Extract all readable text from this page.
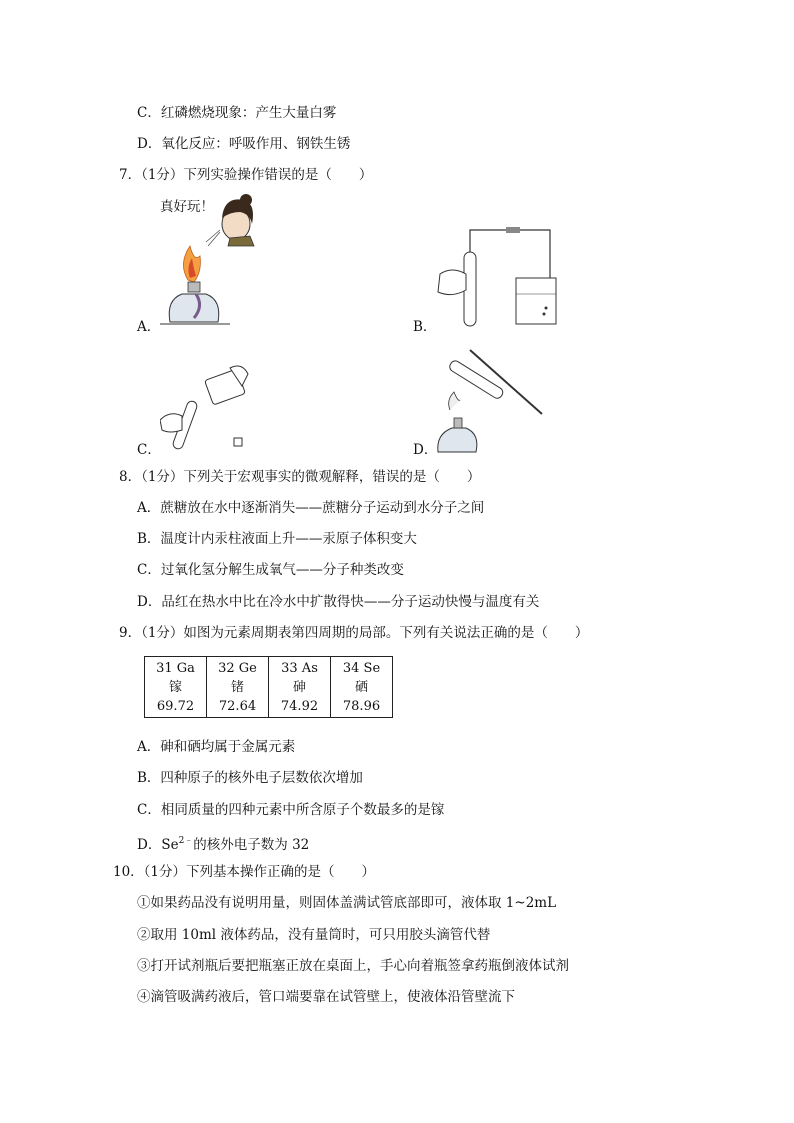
C．红磷燃烧现象：产生大量白雾
D．氧化反应：呼吸作用、钢铁生锈
7．（1分）下列实验操作错误的是（　　）
真好玩！
A．	B．
C．	D．
8．（1分）下列关于宏观事实的微观解释，错误的是（　　）
A．蔗糖放在水中逐渐消失——蔗糖分子运动到水分子之间
B．温度计内汞柱液面上升——汞原子体积变大
C．过氧化氢分解生成氧气——分子种类改变
D．品红在热水中比在冷水中扩散得快——分子运动快慢与温度有关
9．（1分）如图为元素周期表第四周期的局部。下列有关说法正确的是（　　）
31 Ga
镓
69.72

32 Ge
锗
72.64

33 As
砷
74.92

34 Se
硒
78.96
A．砷和硒均属于金属元素
B．四种原子的核外电子层数依次增加
C．相同质量的四种元素中所含原子个数最多的是镓
D．$Se^{2﹣}$的核外电子数为 32
10．（1分）下列基本操作正确的是（　　）
①如果药品没有说明用量，则固体盖满试管底部即可，液体取 1~2mL
②取用 10ml 液体药品，没有量筒时，可只用胶头滴管代替
③打开试剂瓶后要把瓶塞正放在桌面上，手心向着瓶签拿药瓶倒液体试剂
④滴管吸满药液后，管口端要靠在试管壁上，使液体沿管壁流下
